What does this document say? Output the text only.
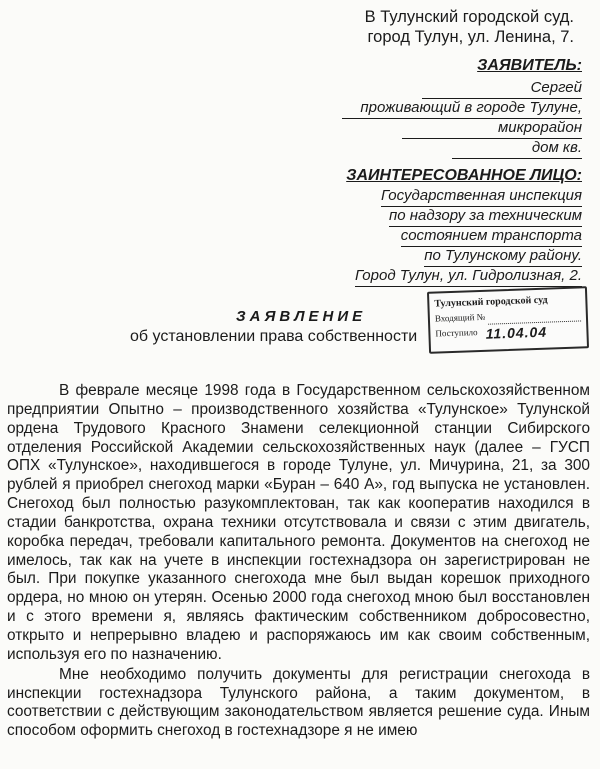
В Тулунский городской суд.
город Тулун, ул. Ленина, 7.
ЗАЯВИТЕЛЬ:
Сергей
проживающий в городе Тулуне,
микрорайон
дом кв.
ЗАИНТЕРЕСОВАННОЕ ЛИЦО:
Государственная инспекция
по надзору за техническим
состоянием транспорта
по Тулунскому району.
Город Тулун, ул. Гидролизная, 2.
ЗАЯВЛЕНИЕ
об установлении права собственности
Тулунский городской суд
Входящий №
Поступило 11.04.04

В феврале месяце 1998 года в Государственном сельскохозяйственном предприятии Опытно – производственного хозяйства «Тулунское» Тулунской ордена Трудового Красного Знамени селекционной станции Сибирского отделения Российской Академии сельскохозяйственных наук (далее – ГУСП ОПХ «Тулунское», находившегося в городе Тулуне, ул. Мичурина, 21, за 300 рублей я приобрел снегоход марки «Буран – 640 А», год выпуска не установлен. Снегоход был полностью разукомплектован, так как кооператив находился в стадии банкротства, охрана техники отсутствовала и связи с этим двигатель, коробка передач, требовали капитального ремонта. Документов на снегоход не имелось, так как на учете в инспекции гостехнадзора он зарегистрирован не был. При покупке указанного снегохода мне был выдан корешок приходного ордера, но мною он утерян. Осенью 2000 года снегоход мною был восстановлен и с этого времени я, являясь фактическим собственником добросовестно, открыто и непрерывно владею и распоряжаюсь им как своим собственным, используя его по назначению.

Мне необходимо получить документы для регистрации снегохода в инспекции гостехнадзора Тулунского района, а таким документом, в соответствии с действующим законодательством является решение суда. Иным способом оформить снегоход в гостехнадзоре я не имею
